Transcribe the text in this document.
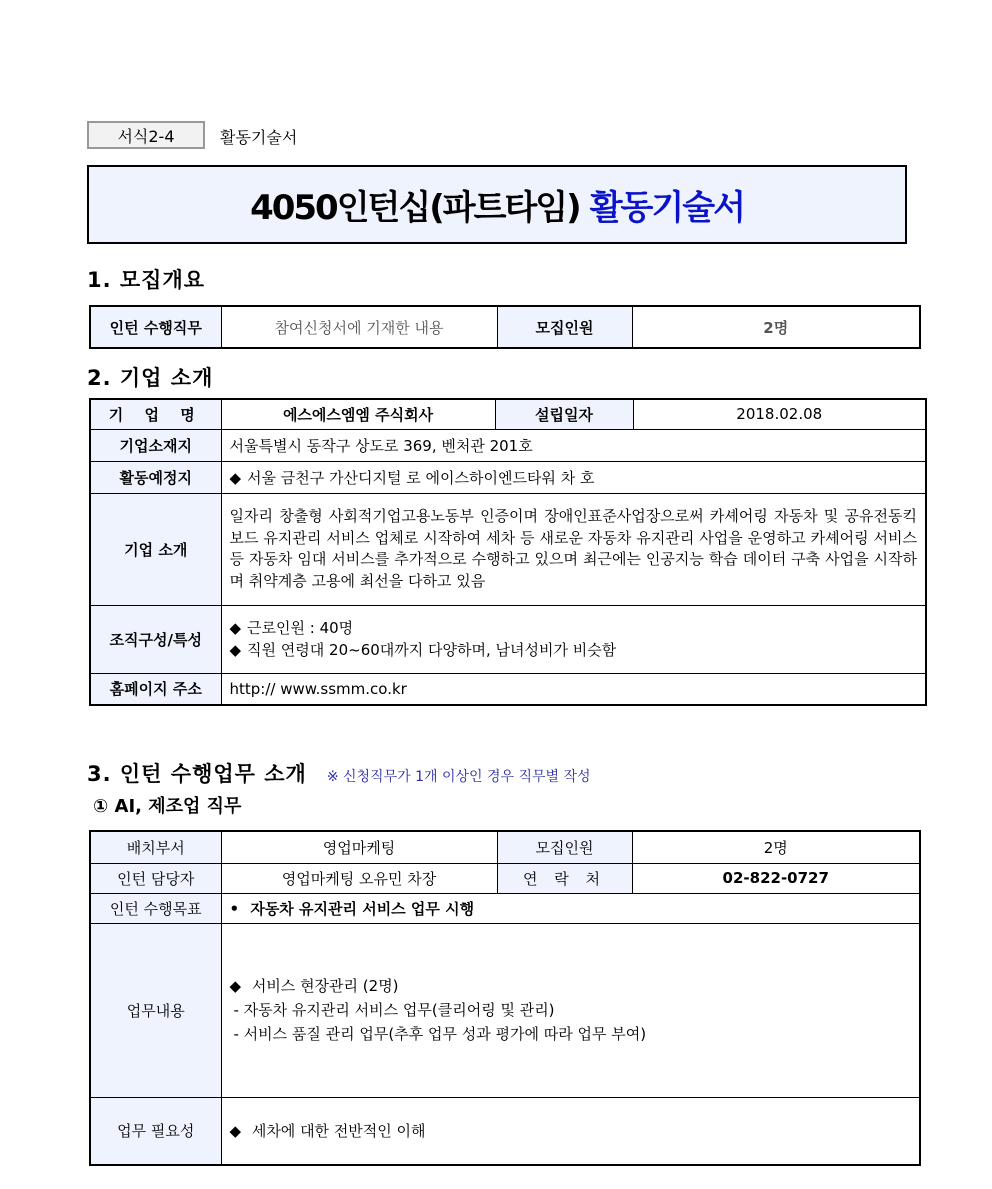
서식2-4	활동기술서
4050인턴십(파트타임) 활동기술서
1. 모집개요
인턴 수행직무	참여신청서에 기재한 내용	모집인원	2명
2. 기업 소개
기 업 명	에스에스엠엠 주식회사	설립일자	2018.02.08
기업소재지	서울특별시 동작구 상도로 369, 벤처관 201호		
활동예정지	◆ 서울 금천구 가산디지털 로 에이스하이엔드타워 차 호		
기업 소개	일자리 창출형 사회적기업고용노동부 인증이며 장애인표준사업장으로써 카셰어링 자동차 및 공유전동킥보드 유지관리 서비스 업체로 시작하여 세차 등 새로운 자동차 유지관리 사업을 운영하고 카셰어링 서비스 등 자동차 임대 서비스를 추가적으로 수행하고 있으며 최근에는 인공지능 학습 데이터 구축 사업을 시작하며 취약계층 고용에 최선을 다하고 있음		
조직구성/특성	◆ 근로인원 : 40명
◆ 직원 연령대 20~60대까지 다양하며, 남녀성비가 비슷함		

홈페이지 주소	http:// www.ssmm.co.kr		
3. 인턴 수행업무 소개 ※ 신청직무가 1개 이상인 경우 직무별 작성
① AI, 제조업 직무
배치부서	영업마케팅	모집인원	2명
인턴 담당자	영업마케팅 오유민 차장	연 락 처	02-822-0727
인턴 수행목표	• 자동차 유지관리 서비스 업무 시행		
업무내용	◆ 서비스 현장관리 (2명)
- 자동차 유지관리 서비스 업무(클리어링 및 관리)
- 서비스 품질 관리 업무(추후 업무 성과 평가에 따라 업무 부여)		

업무 필요성	◆ 세차에 대한 전반적인 이해		
